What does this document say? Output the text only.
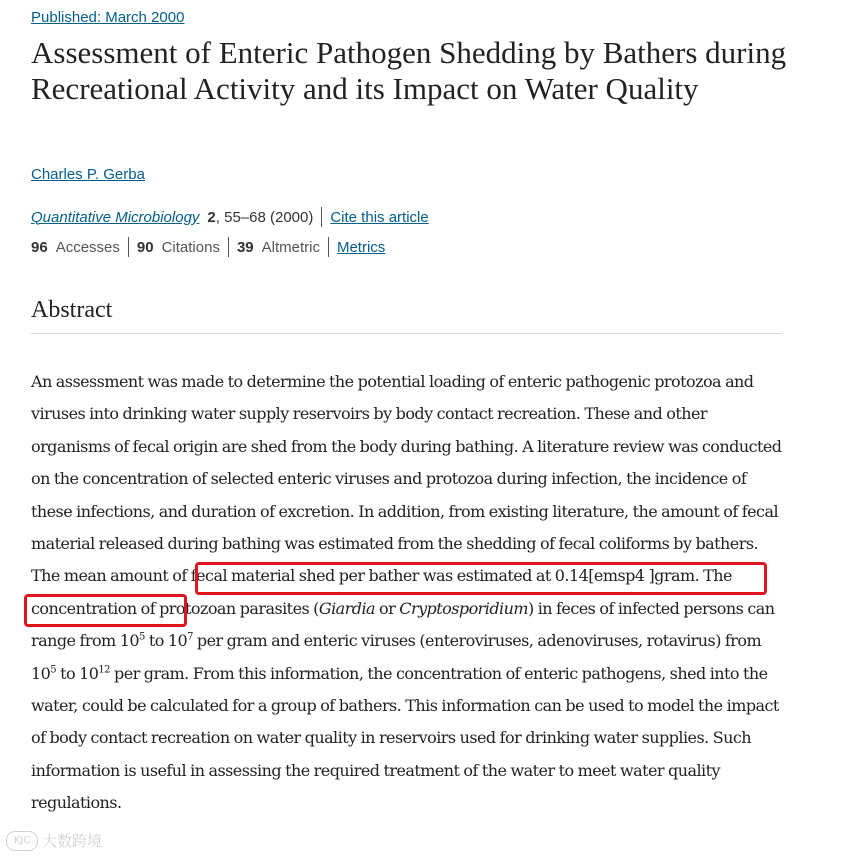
Published: March 2000
Assessment of Enteric Pathogen Shedding by Bathers during Recreational Activity and its Impact on Water Quality
Charles P. Gerba
Quantitative Microbiology 2 , 55–68 (2000) Cite this article
96 Accesses 90 Citations 39 Altmetric Metrics
Abstract

An assessment was made to determine the potential loading of enteric pathogenic protozoa and viruses into drinking water supply reservoirs by body contact recreation. These and other organisms of fecal origin are shed from the body during bathing. A literature review was conducted on the concentration of selected enteric viruses and protozoa during infection, the incidence of these infections, and duration of excretion. In addition, from existing literature, the amount of fecal material released during bathing was estimated from the shedding of fecal coliforms by bathers. The mean amount of fecal material shed per bather was estimated at 0.14[emsp4 ]gram. The concentration of protozoan parasites (Giardia or Cryptosporidium) in feces of infected persons can range from $10^5$ to $10^7$ per gram and enteric viruses (enteroviruses, adenoviruses, rotavirus) from $10^5$ to $10^{12}$ per gram. From this information, the concentration of enteric pathogens, shed into the water, could be calculated for a group of bathers. This information can be used to model the impact of body contact recreation on water quality in reservoirs used for drinking water supplies. Such information is useful in assessing the required treatment of the water to meet water quality regulations.

KJC 大数跨境
